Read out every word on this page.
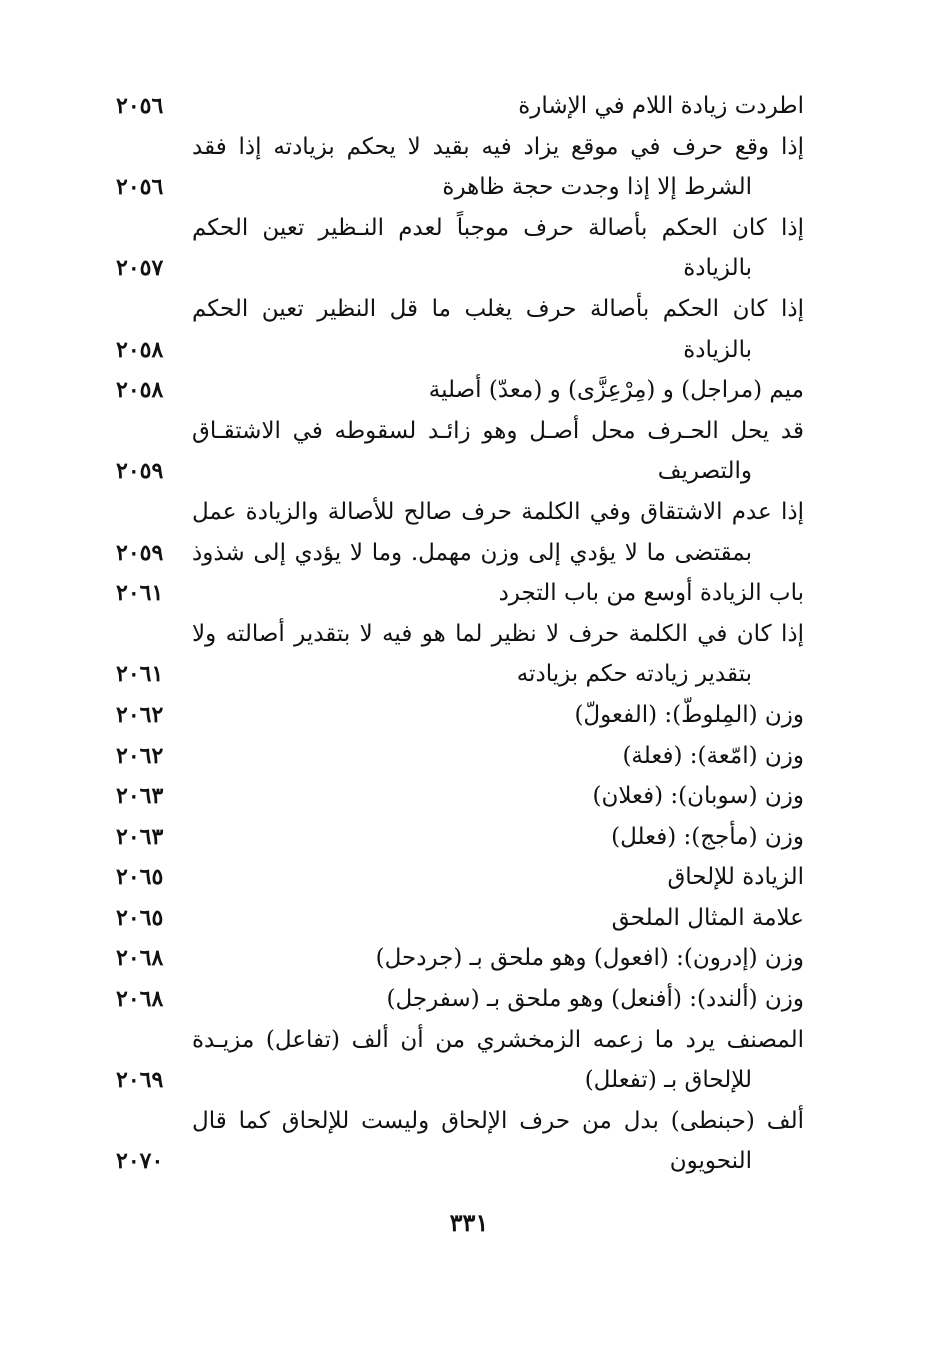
اطردت زيادة اللام في الإشارة
٢٠٥٦
إذا وقع حرف في موقع يزاد فيه بقيد لا يحكم بزيادته إذا فقد
الشرط إلا إذا وجدت حجة ظاهرة
٢٠٥٦
إذا كان الحكم بأصالة حرف موجباً لعدم النـظير تعين الحكم
بالزيادة
٢٠٥٧
إذا كان الحكم بأصالة حرف يغلب ما قل النظير تعين الحكم
بالزيادة
٢٠٥٨
ميم (مراجل) و (مِرْعِزَّى) و (معدّ) أصلية
٢٠٥٨
قد يحل الحـرف محل أصـل وهو زائـد لسقوطه في الاشتقـاق
والتصريف
٢٠٥٩
إذا عدم الاشتقاق وفي الكلمة حرف صالح للأصالة والزيادة عمل
بمقتضى ما لا يؤدي إلى وزن مهمل. وما لا يؤدي إلى شذوذ
٢٠٥٩
باب الزيادة أوسع من باب التجرد
٢٠٦١
إذا كان في الكلمة حرف لا نظير لما هو فيه لا بتقدير أصالته ولا
بتقدير زيادته حكم بزيادته
٢٠٦١
وزن (المِلوطّ): (الفعولّ)
٢٠٦٢
وزن (امّعة): (فعلة)
٢٠٦٢
وزن (سوبان): (فعلان)
٢٠٦٣
وزن (مأجج): (فعلل)
٢٠٦٣
الزيادة للإلحاق
٢٠٦٥
علامة المثال الملحق
٢٠٦٥
وزن (إدرون): (افعول) وهو ملحق بـ (جردحل)
٢٠٦٨
وزن (ألندد): (أفنعل) وهو ملحق بـ (سفرجل)
٢٠٦٨
المصنف يرد ما زعمه الزمخشري من أن ألف (تفاعل) مزيـدة
للإلحاق بـ (تفعلل)
٢٠٦٩
ألف (حبنطى) بدل من حرف الإلحاق وليست للإلحاق كما قال
النحويون
٢٠٧٠
٣٣١
